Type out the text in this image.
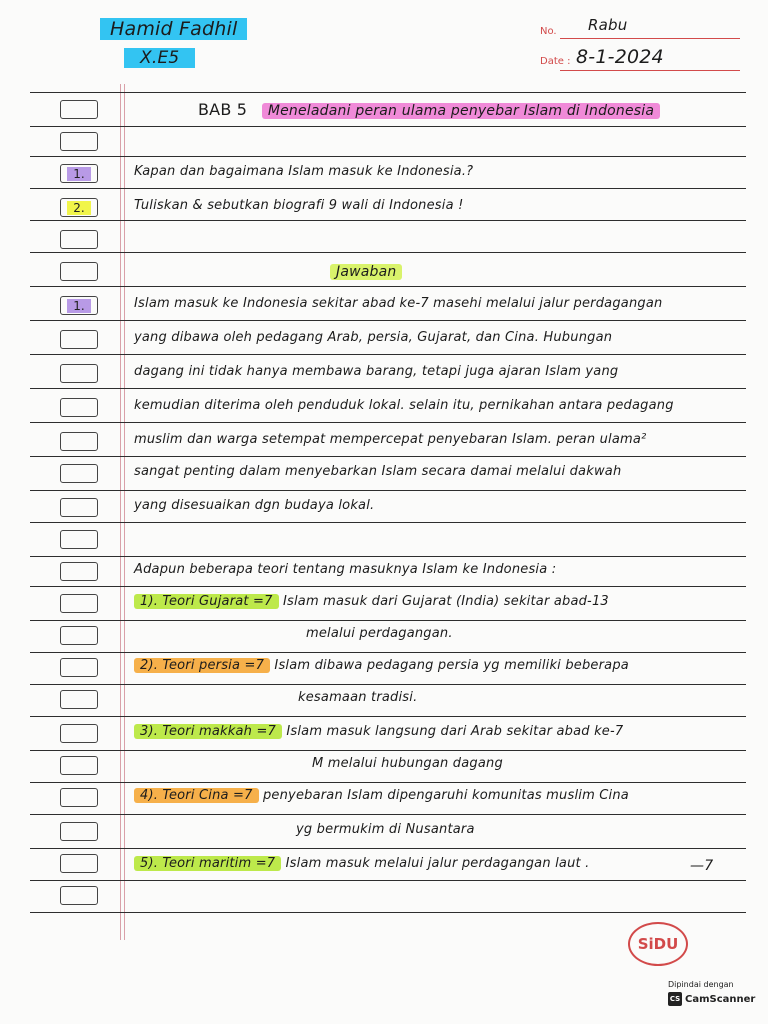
Hamid Fadhil
X.E5
No. Rabu
Date : 8-1-2024
1.
2.
1.
BAB 5 Meneladani peran ulama penyebar Islam di Indonesia
Kapan dan bagaimana Islam masuk ke Indonesia.?
Tuliskan & sebutkan biografi 9 wali di Indonesia !
Jawaban
Islam masuk ke Indonesia sekitar abad ke-7 masehi melalui jalur perdagangan
yang dibawa oleh pedagang Arab, persia, Gujarat, dan Cina. Hubungan
dagang ini tidak hanya membawa barang, tetapi juga ajaran Islam yang
kemudian diterima oleh penduduk lokal. selain itu, pernikahan antara pedagang
muslim dan warga setempat mempercepat penyebaran Islam. peran ulama²
sangat penting dalam menyebarkan Islam secara damai melalui dakwah
yang disesuaikan dgn budaya lokal.
Adapun beberapa teori tentang masuknya Islam ke Indonesia :
1). Teori Gujarat =7 Islam masuk dari Gujarat (India) sekitar abad-13
melalui perdagangan.
2). Teori persia =7 Islam dibawa pedagang persia yg memiliki beberapa
kesamaan tradisi.
3). Teori makkah =7 Islam masuk langsung dari Arab sekitar abad ke-7
M melalui hubungan dagang
4). Teori Cina =7 penyebaran Islam dipengaruhi komunitas muslim Cina
yg bermukim di Nusantara
5). Teori maritim =7 Islam masuk melalui jalur perdagangan laut .	—7
SiDU
Dipindai dengan
CS CamScanner
